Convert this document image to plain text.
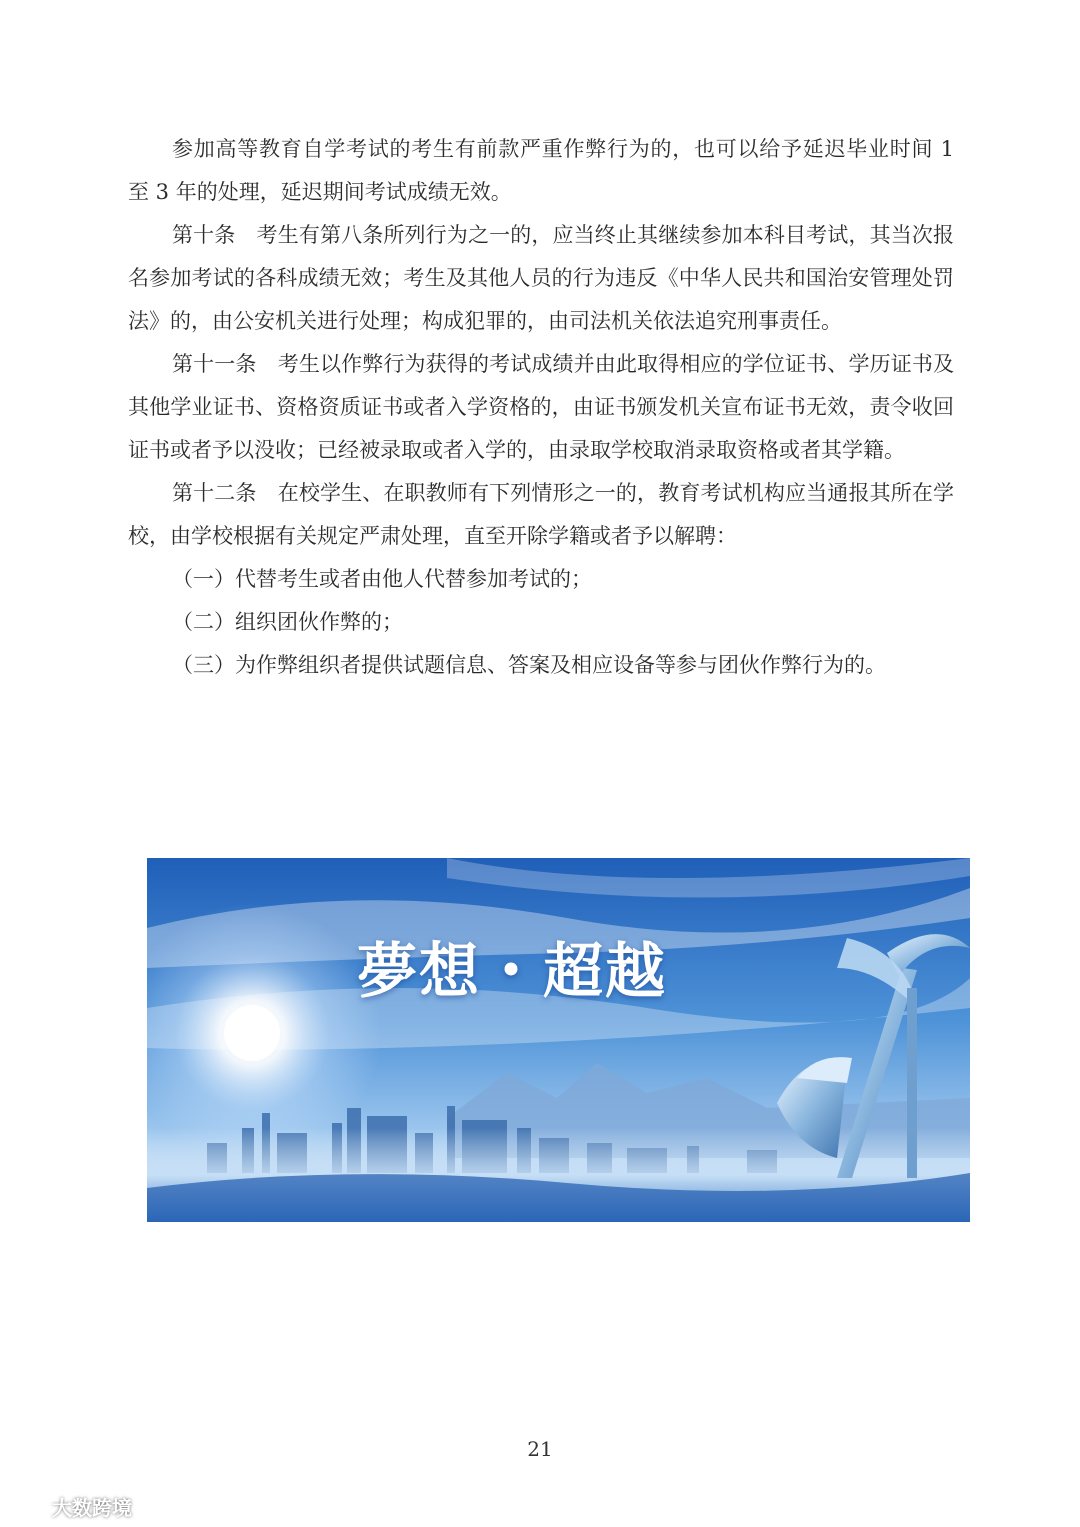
参加高等教育自学考试的考生有前款严重作弊行为的，也可以给予延迟毕业时间 1 至 3 年的处理，延迟期间考试成绩无效。

第十条　考生有第八条所列行为之一的，应当终止其继续参加本科目考试，其当次报名参加考试的各科成绩无效；考生及其他人员的行为违反《中华人民共和国治安管理处罚法》的，由公安机关进行处理；构成犯罪的，由司法机关依法追究刑事责任。

第十一条　考生以作弊行为获得的考试成绩并由此取得相应的学位证书、学历证书及其他学业证书、资格资质证书或者入学资格的，由证书颁发机关宣布证书无效，责令收回证书或者予以没收；已经被录取或者入学的，由录取学校取消录取资格或者其学籍。

第十二条　在校学生、在职教师有下列情形之一的，教育考试机构应当通报其所在学校，由学校根据有关规定严肃处理，直至开除学籍或者予以解聘：

（一）代替考生或者由他人代替参加考试的；

（二）组织团伙作弊的；

（三）为作弊组织者提供试题信息、答案及相应设备等参与团伙作弊行为的。

夢想・超越
21
大数跨境
